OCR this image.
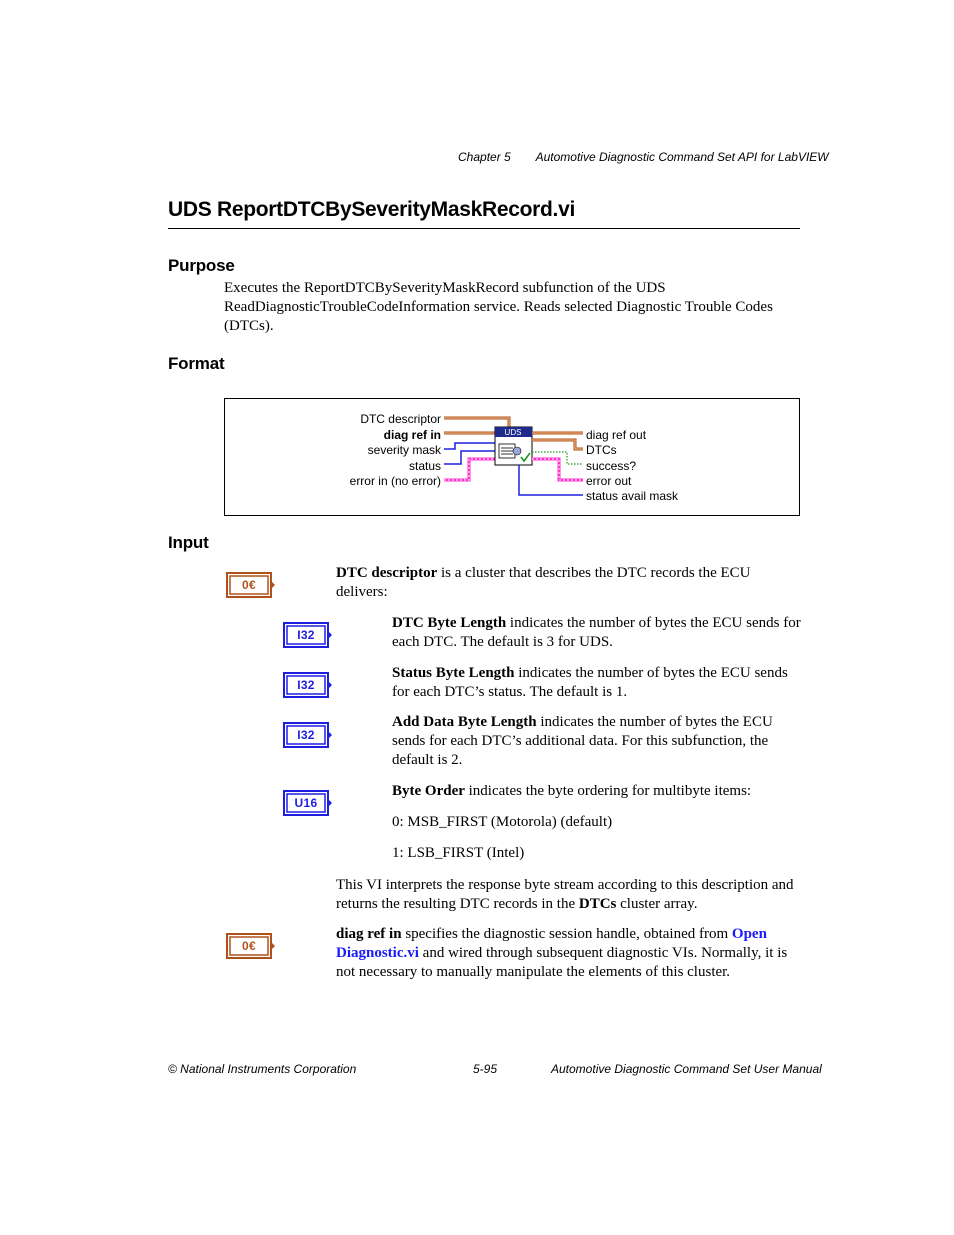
Chapter 5 Automotive Diagnostic Command Set API for LabVIEW
UDS ReportDTCBySeverityMaskRecord.vi
Purpose
Executes the ReportDTCBySeverityMaskRecord subfunction of the UDS ReadDiagnosticTroubleCodeInformation service. Reads selected Diagnostic Trouble Codes (DTCs).
Format
DTC descriptor
diag ref in
severity mask
status
error in (no error)
UDS	diag ref out
DTCs
success?
error out
status avail mask
Input
0€
DTC descriptor is a cluster that describes the DTC records the ECU delivers:
I32
DTC Byte Length indicates the number of bytes the ECU sends for each DTC. The default is 3 for UDS.
I32
Status Byte Length indicates the number of bytes the ECU sends for each DTC’s status. The default is 1.
I32
Add Data Byte Length indicates the number of bytes the ECU sends for each DTC’s additional data. For this subfunction, the default is 2.
U16
Byte Order indicates the byte ordering for multibyte items:
0: MSB_FIRST (Motorola) (default)
1: LSB_FIRST (Intel)
This VI interprets the response byte stream according to this description and returns the resulting DTC records in the DTCs cluster array.
0€
diag ref in specifies the diagnostic session handle, obtained from Open Diagnostic.vi and wired through subsequent diagnostic VIs. Normally, it is not necessary to manually manipulate the elements of this cluster.
© National Instruments Corporation	5-95	Automotive Diagnostic Command Set User Manual
